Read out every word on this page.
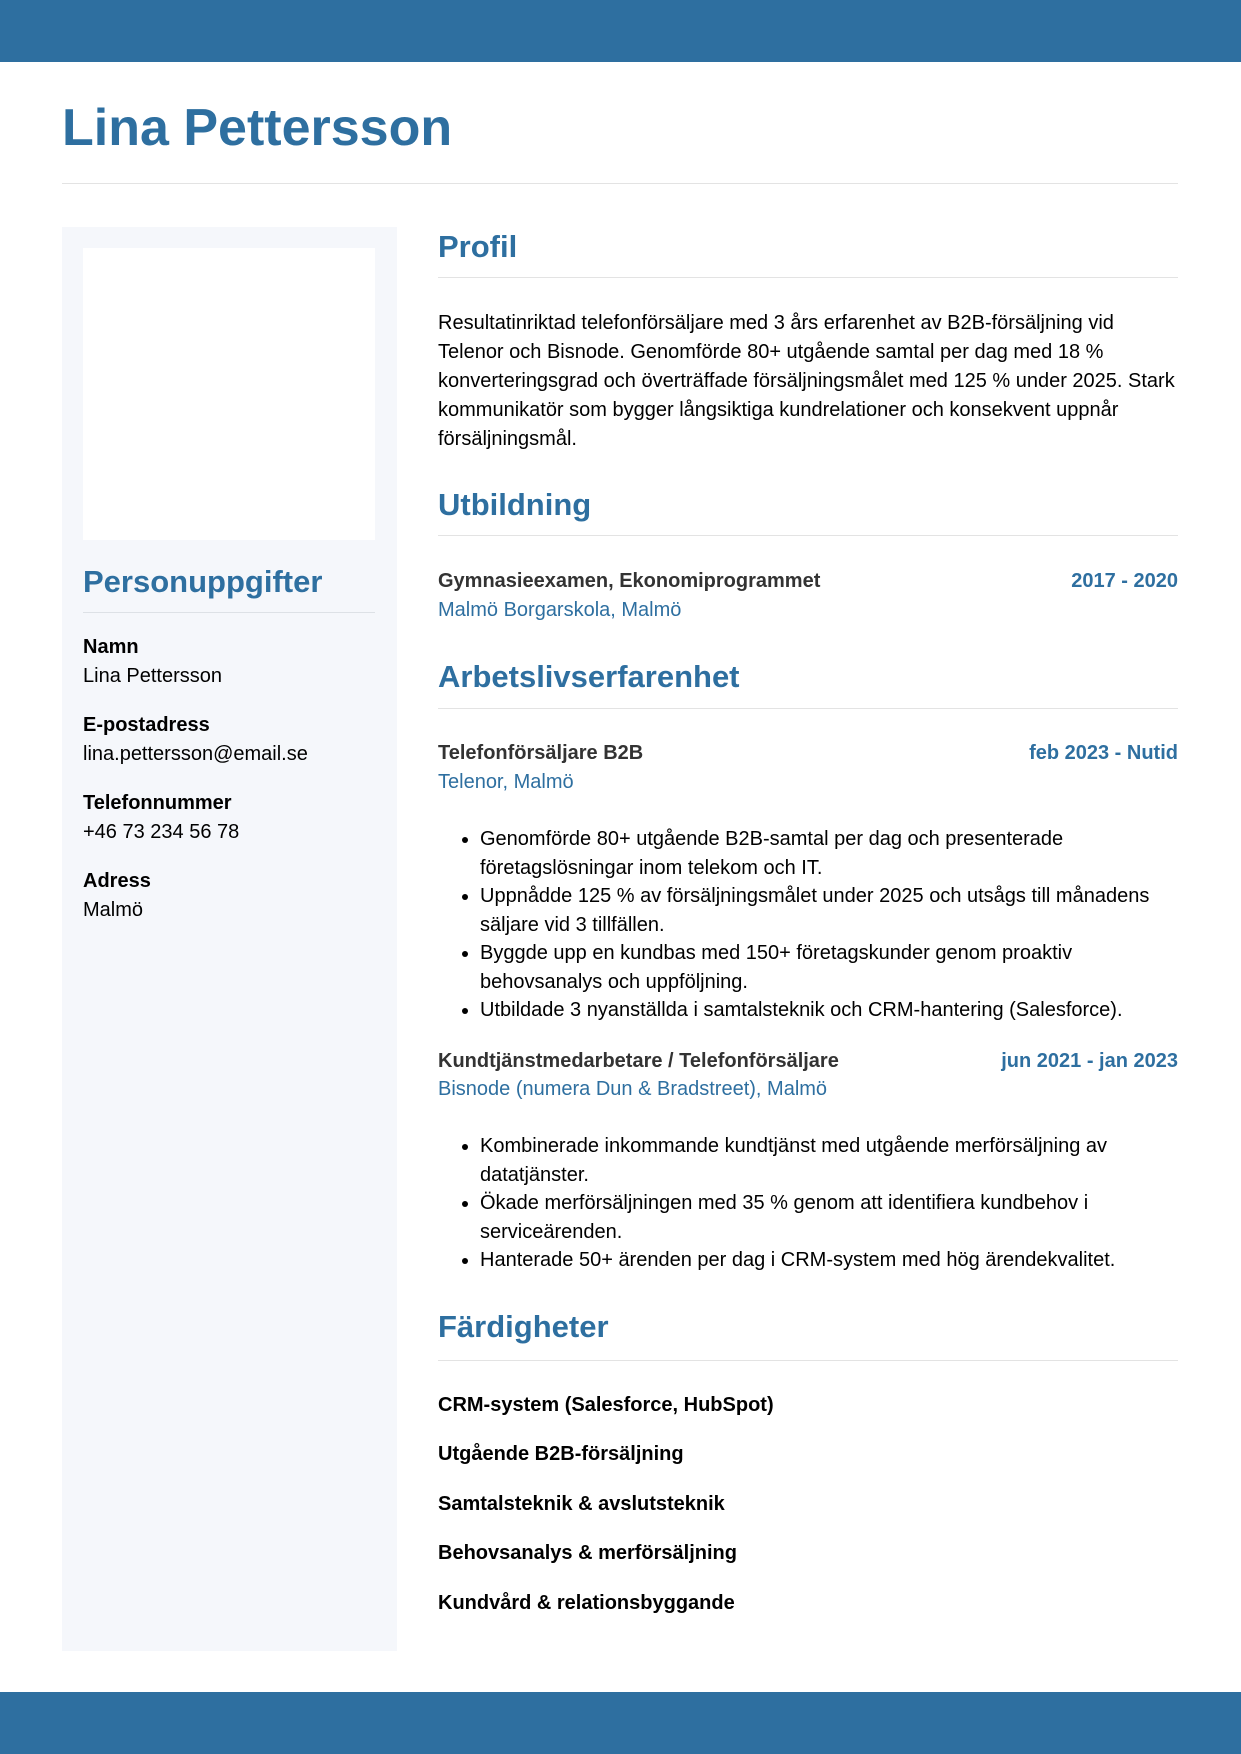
Lina Pettersson
Personuppgifter
Namn
Lina Pettersson
E-postadress
lina.pettersson@email.se
Telefonnummer
+46 73 234 56 78
Adress
Malmö
Profil

Resultatinriktad telefonförsäljare med 3 års erfarenhet av B2B-försäljning vid Telenor och Bisnode. Genomförde 80+ utgående samtal per dag med 18 % konverteringsgrad och överträffade försäljningsmålet med 125 % under 2025. Stark kommunikatör som bygger långsiktiga kundrelationer och konsekvent uppnår försäljningsmål.

Utbildning
Gymnasieexamen, Ekonomiprogrammet	2017 - 2020
Malmö Borgarskola, Malmö
Arbetslivserfarenhet
Telefonförsäljare B2B	feb 2023 - Nutid
Telenor, Malmö
• Genomförde 80+ utgående B2B-samtal per dag och presenterade företagslösningar inom telekom och IT.
• Uppnådde 125 % av försäljningsmålet under 2025 och utsågs till månadens säljare vid 3 tillfällen.
• Byggde upp en kundbas med 150+ företagskunder genom proaktiv behovsanalys och uppföljning.
• Utbildade 3 nyanställda i samtalsteknik och CRM-hantering (Salesforce).
Kundtjänstmedarbetare / Telefonförsäljare	jun 2021 - jan 2023
Bisnode (numera Dun & Bradstreet), Malmö
• Kombinerade inkommande kundtjänst med utgående merförsäljning av datatjänster.
• Ökade merförsäljningen med 35 % genom att identifiera kundbehov i serviceärenden.
• Hanterade 50+ ärenden per dag i CRM-system med hög ärendekvalitet.
Färdigheter
CRM-system (Salesforce, HubSpot)
Utgående B2B-försäljning
Samtalsteknik & avslutsteknik
Behovsanalys & merförsäljning
Kundvård & relationsbyggande
